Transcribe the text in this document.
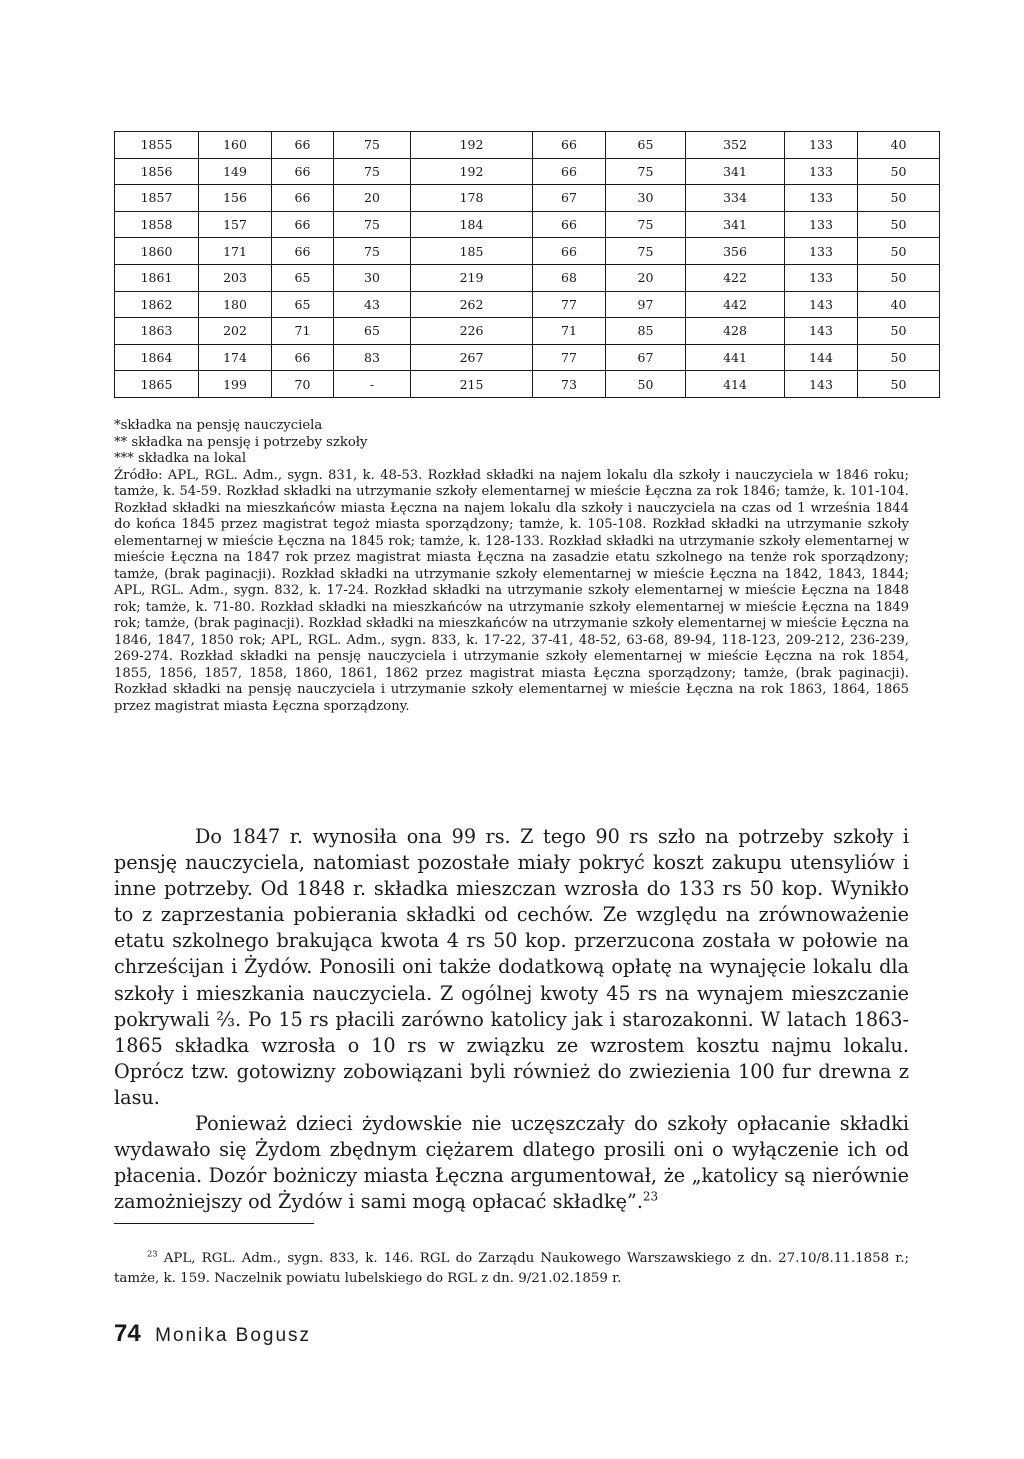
1855	160	66	75	192	66	65	352	133	40
1856	149	66	75	192	66	75	341	133	50
1857	156	66	20	178	67	30	334	133	50
1858	157	66	75	184	66	75	341	133	50
1860	171	66	75	185	66	75	356	133	50
1861	203	65	30	219	68	20	422	133	50
1862	180	65	43	262	77	97	442	143	40
1863	202	71	65	226	71	85	428	143	50
1864	174	66	83	267	77	67	441	144	50
1865	199	70	-	215	73	50	414	143	50

*składka na pensję nauczyciela

** składka na pensję i potrzeby szkoły

*** składka na lokal

Źródło: APL, RGL. Adm., sygn. 831, k. 48-53. Rozkład składki na najem lokalu dla szkoły i nauczyciela w 1846 roku; tamże, k. 54-59. Rozkład składki na utrzymanie szkoły elementarnej w mieście Łęczna za rok 1846; tamże, k. 101-104. Rozkład składki na mieszkańców miasta Łęczna na najem lokalu dla szkoły i nauczyciela na czas od 1 września 1844 do końca 1845 przez magistrat tegoż miasta sporządzony; tamże, k. 105-108. Rozkład składki na utrzymanie szkoły elementarnej w mieście Łęczna na 1845 rok; tamże, k. 128-133. Rozkład składki na utrzymanie szkoły elementarnej w mieście Łęczna na 1847 rok przez magistrat miasta Łęczna na zasadzie etatu szkolnego na tenże rok sporządzony; tamże, (brak paginacji). Rozkład składki na utrzymanie szkoły elementarnej w mieście Łęczna na 1842, 1843, 1844; APL, RGL. Adm., sygn. 832, k. 17-24. Rozkład składki na utrzymanie szkoły elementarnej w mieście Łęczna na 1848 rok; tamże, k. 71-80. Rozkład składki na mieszkańców na utrzymanie szkoły elementarnej w mieście Łęczna na 1849 rok; tamże, (brak paginacji). Rozkład składki na mieszkańców na utrzymanie szkoły elementarnej w mieście Łęczna na 1846, 1847, 1850 rok; APL, RGL. Adm., sygn. 833, k. 17-22, 37-41, 48-52, 63-68, 89-94, 118-123, 209-212, 236-239, 269-274. Rozkład składki na pensję nauczyciela i utrzymanie szkoły elementarnej w mieście Łęczna na rok 1854, 1855, 1856, 1857, 1858, 1860, 1861, 1862 przez magistrat miasta Łęczna sporządzony; tamże, (brak paginacji). Rozkład składki na pensję nauczyciela i utrzymanie szkoły elementarnej w mieście Łęczna na rok 1863, 1864, 1865 przez magistrat miasta Łęczna sporządzony.

Do 1847 r. wynosiła ona 99 rs. Z tego 90 rs szło na potrzeby szkoły i pensję nauczyciela, natomiast pozostałe miały pokryć koszt zakupu utensyliów i inne potrzeby. Od 1848 r. składka mieszczan wzrosła do 133 rs 50 kop. Wynikło to z zaprzestania pobierania składki od cechów. Ze względu na zrównoważenie etatu szkolnego brakująca kwota 4 rs 50 kop. przerzucona została w połowie na chrześcijan i Żydów. Ponosili oni także dodatkową opłatę na wynajęcie lokalu dla szkoły i mieszkania nauczyciela. Z ogólnej kwoty 45 rs na wynajem mieszczanie pokrywali ⅔. Po 15 rs płacili zarówno katolicy jak i starozakonni. W latach 1863-1865 składka wzrosła o 10 rs w związku ze wzrostem kosztu najmu lokalu. Oprócz tzw. gotowizny zobowiązani byli również do zwiezienia 100 fur drewna z lasu.

Ponieważ dzieci żydowskie nie uczęszczały do szkoły opłacanie składki wydawało się Żydom zbędnym ciężarem dlatego prosili oni o wyłączenie ich od płacenia. Dozór bożniczy miasta Łęczna argumentował, że „katolicy są nierównie zamożniejszy od Żydów i sami mogą opłacać składkę”.$^{23}$

$^{23}$ APL, RGL. Adm., sygn. 833, k. 146. RGL do Zarządu Naukowego Warszawskiego z dn. 27.10/8.11.1858 r.; tamże, k. 159. Naczelnik powiatu lubelskiego do RGL z dn. 9/21.02.1859 r.

74 Monika Bogusz
